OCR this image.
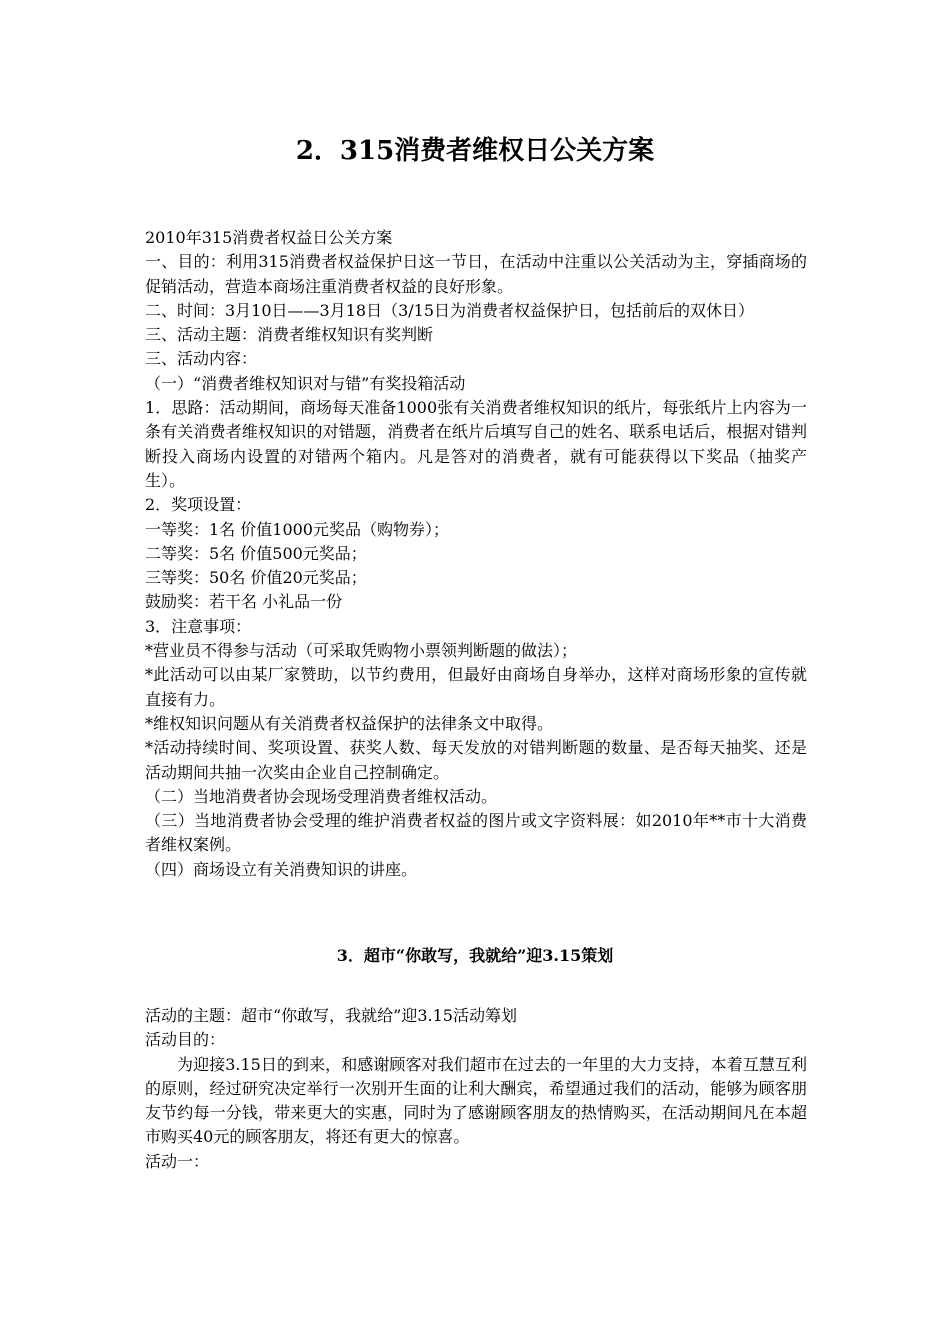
2．315消费者维权日公关方案

2010年315消费者权益日公关方案

一、目的：利用315消费者权益保护日这一节日，在活动中注重以公关活动为主，穿插商场的促销活动，营造本商场注重消费者权益的良好形象。

二、时间：3月10日——3月18日（3/15日为消费者权益保护日，包括前后的双休日）

三、活动主题：消费者维权知识有奖判断

三、活动内容：

（一）“消费者维权知识对与错”有奖投箱活动

1．思路：活动期间，商场每天准备1000张有关消费者维权知识的纸片，每张纸片上内容为一条有关消费者维权知识的对错题，消费者在纸片后填写自己的姓名、联系电话后，根据对错判断投入商场内设置的对错两个箱内。凡是答对的消费者，就有可能获得以下奖品（抽奖产生）。

2．奖项设置：

一等奖：1名 价值1000元奖品（购物券）；

二等奖：5名 价值500元奖品；

三等奖：50名 价值20元奖品；

鼓励奖：若干名 小礼品一份

3．注意事项：

*营业员不得参与活动（可采取凭购物小票领判断题的做法）；

*此活动可以由某厂家赞助，以节约费用，但最好由商场自身举办，这样对商场形象的宣传就直接有力。

*维权知识问题从有关消费者权益保护的法律条文中取得。

*活动持续时间、奖项设置、获奖人数、每天发放的对错判断题的数量、是否每天抽奖、还是活动期间共抽一次奖由企业自己控制确定。

（二）当地消费者协会现场受理消费者维权活动。

（三）当地消费者协会受理的维护消费者权益的图片或文字资料展：如2010年**市十大消费者维权案例。

（四）商场设立有关消费知识的讲座。

3．超市“你敢写，我就给”迎3.15策划

活动的主题：超市“你敢写，我就给”迎3.15活动筹划

活动目的：

为迎接3.15日的到来，和感谢顾客对我们超市在过去的一年里的大力支持，本着互慧互利的原则，经过研究决定举行一次别开生面的让利大酬宾，希望通过我们的活动，能够为顾客朋友节约每一分钱，带来更大的实惠，同时为了感谢顾客朋友的热情购买，在活动期间凡在本超市购买40元的顾客朋友，将还有更大的惊喜。

活动一：
